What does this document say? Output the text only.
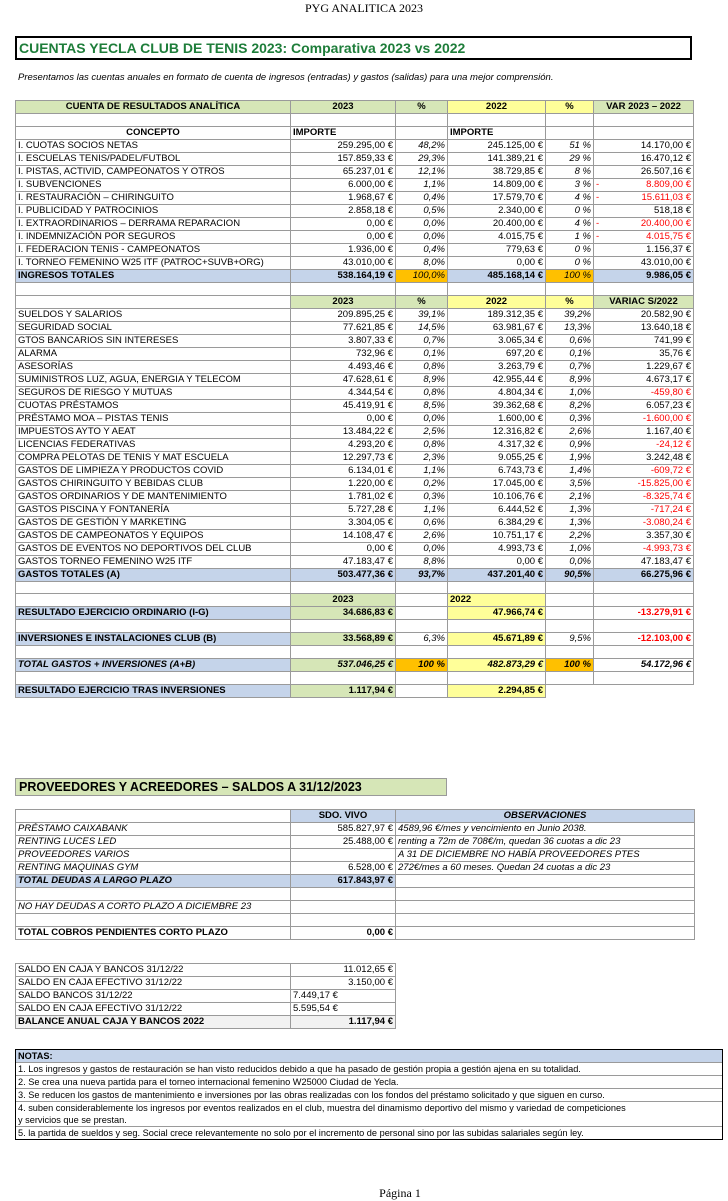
PYG ANALITICA 2023
CUENTAS YECLA CLUB DE TENIS 2023: Comparativa 2023 vs 2022
Presentamos las cuentas anuales en formato de cuenta de ingresos (entradas) y gastos (salidas) para una mejor comprensión.
CUENTA DE RESULTADOS ANALÍTICA	2023	%	2022	%	VAR 2023 – 2022

CONCEPTO	IMPORTE		IMPORTE		
I. CUOTAS SOCIOS NETAS	259.295,00 €	48,2%	245.125,00 €	51 %	14.170,00 €
I. ESCUELAS TENIS/PADEL/FUTBOL	157.859,33 €	29,3%	141.389,21 €	29 %	16.470,12 €
I. PISTAS, ACTIVID, CAMPEONATOS Y OTROS	65.237,01 €	12,1%	38.729,85 €	8 %	26.507,16 €
I. SUBVENCIONES	6.000,00 €	1,1%	14.809,00 €	3 %	- 8.809,00 €
I. RESTAURACIÓN – CHIRINGUITO	1.968,67 €	0,4%	17.579,70 €	4 %	- 15.611,03 €
I. PUBLICIDAD Y PATROCINIOS	2.858,18 €	0,5%	2.340,00 €	0 %	518,18 €
I. EXTRAORDINARIOS – DERRAMA REPARACION	0,00 €	0,0%	20.400,00 €	4 %	- 20.400,00 €
I. INDEMNIZACIÓN POR SEGUROS	0,00 €	0,0%	4.015,75 €	1 %	- 4.015,75 €
I. FEDERACION TENIS - CAMPEONATOS	1.936,00 €	0,4%	779,63 €	0 %	1.156,37 €
I. TORNEO FEMENINO W25 ITF (PATROC+SUVB+ORG)	43.010,00 €	8,0%	0,00 €	0 %	43.010,00 €
INGRESOS TOTALES	538.164,19 €	100,0%	485.168,14 €	100 %	9.986,05 €

	2023	%	2022	%	VARIAC S/2022
SUELDOS Y SALARIOS	209.895,25 €	39,1%	189.312,35 €	39,2%	20.582,90 €
SEGURIDAD SOCIAL	77.621,85 €	14,5%	63.981,67 €	13,3%	13.640,18 €
GTOS BANCARIOS SIN INTERESES	3.807,33 €	0,7%	3.065,34 €	0,6%	741,99 €
ALARMA	732,96 €	0,1%	697,20 €	0,1%	35,76 €
ASESORÍAS	4.493,46 €	0,8%	3.263,79 €	0,7%	1.229,67 €
SUMINISTROS LUZ, AGUA, ENERGIA Y TELECOM	47.628,61 €	8,9%	42.955,44 €	8,9%	4.673,17 €
SEGUROS DE RIESGO Y MUTUAS	4.344,54 €	0,8%	4.804,34 €	1,0%	-459,80 €
CUOTAS PRÉSTAMOS	45.419,91 €	8,5%	39.362,68 €	8,2%	6.057,23 €
PRÉSTAMO MOA – PISTAS TENIS	0,00 €	0,0%	1.600,00 €	0,3%	-1.600,00 €
IMPUESTOS AYTO Y AEAT	13.484,22 €	2,5%	12.316,82 €	2,6%	1.167,40 €
LICENCIAS FEDERATIVAS	4.293,20 €	0,8%	4.317,32 €	0,9%	-24,12 €
COMPRA PELOTAS DE TENIS Y MAT ESCUELA	12.297,73 €	2,3%	9.055,25 €	1,9%	3.242,48 €
GASTOS DE LIMPIEZA Y PRODUCTOS COVID	6.134,01 €	1,1%	6.743,73 €	1,4%	-609,72 €
GASTOS CHIRINGUITO Y BEBIDAS CLUB	1.220,00 €	0,2%	17.045,00 €	3,5%	-15.825,00 €
GASTOS ORDINARIOS Y DE MANTENIMIENTO	1.781,02 €	0,3%	10.106,76 €	2,1%	-8.325,74 €
GASTOS PISCINA Y FONTANERÍA	5.727,28 €	1,1%	6.444,52 €	1,3%	-717,24 €
GASTOS DE GESTIÓN Y MARKETING	3.304,05 €	0,6%	6.384,29 €	1,3%	-3.080,24 €
GASTOS DE CAMPEONATOS Y EQUIPOS	14.108,47 €	2,6%	10.751,17 €	2,2%	3.357,30 €
GASTOS DE EVENTOS NO DEPORTIVOS DEL CLUB	0,00 €	0,0%	4.993,73 €	1,0%	-4.993,73 €
GASTOS TORNEO FEMENINO W25 ITF	47.183,47 €	8,8%	0,00 €	0,0%	47.183,47 €
GASTOS TOTALES (A)	503.477,36 €	93,7%	437.201,40 €	90,5%	66.275,96 €

	2023		2022		
RESULTADO EJERCICIO ORDINARIO (I-G)	34.686,83 €		47.966,74 €		-13.279,91 €

INVERSIONES E INSTALACIONES CLUB (B)	33.568,89 €	6,3%	45.671,89 €	9,5%	-12.103,00 €

TOTAL GASTOS + INVERSIONES (A+B)	537.046,25 €	100 %	482.873,29 €	100 %	54.172,96 €

RESULTADO EJERCICIO TRAS INVERSIONES	1.117,94 €		2.294,85 €		
PROVEEDORES Y ACREEDORES – SALDOS A 31/12/2023
	SDO. VIVO	OBSERVACIONES
PRÉSTAMO CAIXABANK	585.827,97 €	4589,96 €/mes y vencimiento en Junio 2038.
RENTING LUCES LED	25.488,00 €	renting a 72m de 708€/m, quedan 36 cuotas a dic 23
PROVEEDORES VARIOS		A 31 DE DICIEMBRE NO HABÍA PROVEEDORES PTES
RENTING MAQUINAS GYM	6.528,00 €	272€/mes a 60 meses. Quedan 24 cuotas a dic 23
TOTAL DEUDAS A LARGO PLAZO	617.843,97 €	

NO HAY DEUDAS A CORTO PLAZO A DICIEMBRE 23		

TOTAL COBROS PENDIENTES CORTO PLAZO	0,00 €	
SALDO EN CAJA Y BANCOS 31/12/22	11.012,65 €
SALDO EN CAJA EFECTIVO 31/12/22	3.150,00 €
SALDO BANCOS 31/12/22	7.449,17 €
SALDO EN CAJA EFECTIVO 31/12/22	5.595,54 €
BALANCE ANUAL CAJA Y BANCOS 2022	1.117,94 €
NOTAS:
1. Los ingresos y gastos de restauración se han visto reducidos debido a que ha pasado de gestión propia a gestión ajena en su totalidad.
2. Se crea una nueva partida para el torneo internacional femenino W25000 Ciudad de Yecla.
3. Se reducen los gastos de mantenimiento e inversiones por las obras realizadas con los fondos del préstamo solicitado y que siguen en curso.
4. suben considerablemente los ingresos por eventos realizados en el club, muestra del dinamismo deportivo del mismo y variedad de competiciones
y servicios que se prestan.
5. la partida de sueldos y seg. Social crece relevantemente no solo por el incremento de personal sino por las subidas salariales según ley.
Página 1
